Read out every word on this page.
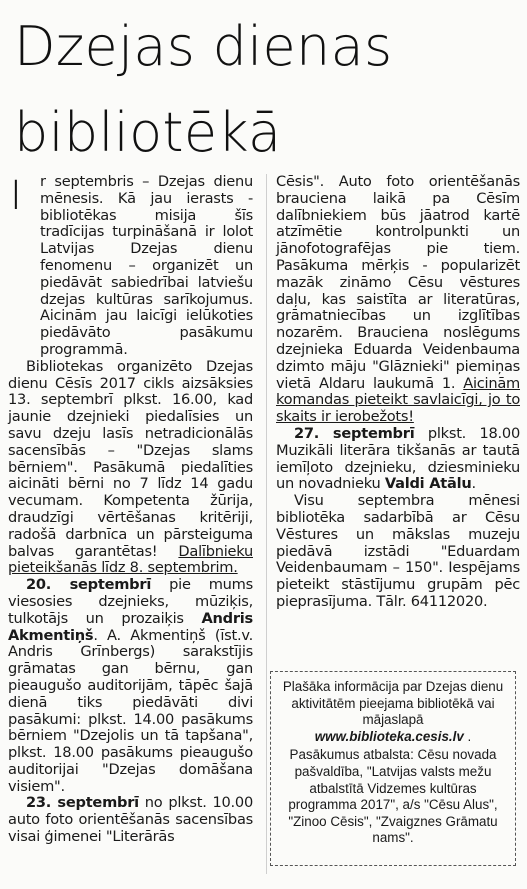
Dzejas dienas bibliotēkā
I r septembris – Dzejas dienu mēnesis. Kā jau ierasts - bibliotēkas misija šīs tradīcijas turpināšanā ir lolot Latvijas Dzejas dienu fenomenu – organizēt un piedāvāt sabiedrībai latviešu dzejas kultūras sarīkojumus. Aicinām jau laicīgi ielūkoties piedāvāto pasākumu programmā.

Bibliotekas organizēto Dzejas dienu Cēsīs 2017 cikls aizsāksies 13. septembrī plkst. 16.00, kad jaunie dzejnieki piedalīsies un savu dzeju lasīs netradicionālās sacensībās – "Dzejas slams bērniem". Pasākumā piedalīties aicināti bērni no 7 līdz 14 gadu vecumam. Kompetenta žūrija, draudzīgi vērtēšanas kritēriji, radošā darbnīca un pārsteiguma balvas garantētas! Dalībnieku pieteikšanās līdz 8. septembrim.

20. septembrī pie mums viesosies dzejnieks, mūziķis, tulkotājs un prozaiķis Andris Akmentiņš. A. Akmentiņš (īst.v. Andris Grīnbergs) sarakstījis grāmatas gan bērnu, gan pieaugušo auditorijām, tāpēc šajā dienā tiks piedāvāti divi pasākumi: plkst. 14.00 pasākums bērniem "Dzejolis un tā tapšana", plkst. 18.00 pasākums pieaugušo auditorijai "Dzejas domāšana visiem".

23. septembrī no plkst. 10.00 auto foto orientēšanās sacensības visai ģimenei "Literārās

Cēsis". Auto foto orientēšanās brauciena laikā pa Cēsīm dalībniekiem būs jāatrod kartē atzīmētie kontrolpunkti un jānofotografējas pie tiem. Pasākuma mērķis - popularizēt mazāk zināmo Cēsu vēstures daļu, kas saistīta ar literatūras, grāmatniecības un izglītības nozarēm. Brauciena noslēgums dzejnieka Eduarda Veidenbauma dzimto māju "Glāznieki" piemiņas vietā Aldaru laukumā 1. Aicinām komandas pieteikt savlaicīgi, jo to skaits ir ierobežots!

27. septembrī plkst. 18.00 Muzikāli literāra tikšanās ar tautā iemīļoto dzejnieku, dziesminieku un novadnieku Valdi Atālu.

Visu septembra mēnesi bibliotēka sadarbībā ar Cēsu Vēstures un mākslas muzeju piedāvā izstādi "Eduardam Veidenbaumam – 150". Iespējams pieteikt stāstījumu grupām pēc pieprasījuma. Tālr. 64112020.

Plašāka informācija par Dzejas dienu aktivitātēm pieejama bibliotēkā vai mājaslapā

www.biblioteka.cesis.lv .

Pasākumus atbalsta: Cēsu novada pašvaldība, "Latvijas valsts mežu atbalstītā Vidzemes kultūras programma 2017", a/s "Cēsu Alus", "Zinoo Cēsis", "Zvaigznes Grāmatu nams".
